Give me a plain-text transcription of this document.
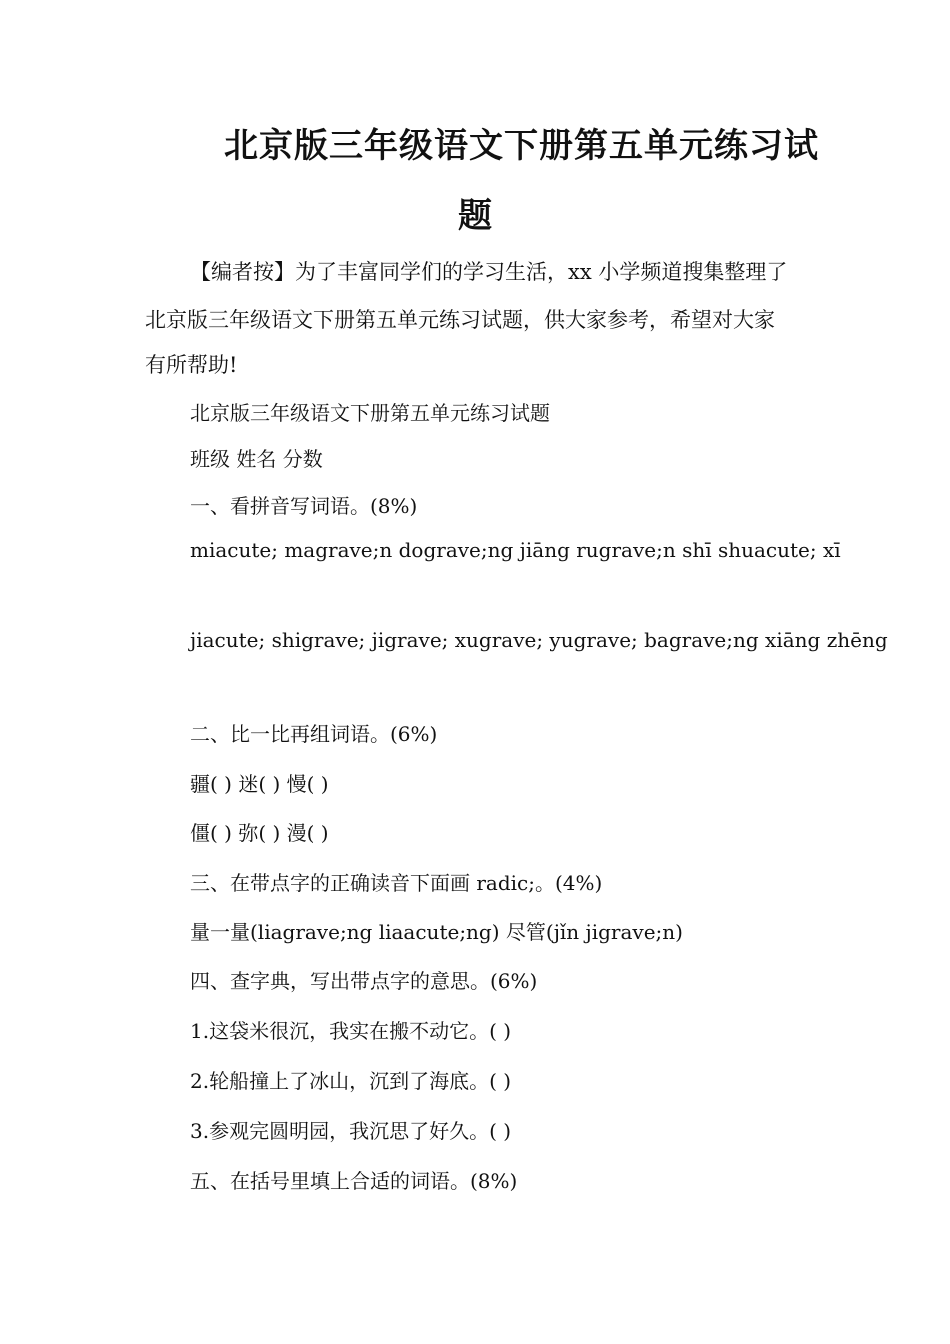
北京版三年级语文下册第五单元练习试
题
【编者按】为了丰富同学们的学习生活，xx 小学频道搜集整理了
北京版三年级语文下册第五单元练习试题，供大家参考，希望对大家
有所帮助!
北京版三年级语文下册第五单元练习试题
班级 姓名 分数
一、看拼音写词语。(8%)
miacute; magrave;n dograve;ng jiāng rugrave;n shī shuacute; xī
jiacute; shigrave; jigrave; xugrave; yugrave; bagrave;ng xiāng zhēng
二、比一比再组词语。(6%)
疆( ) 迷( ) 慢( )
僵( ) 弥( ) 漫( )
三、在带点字的正确读音下面画 radic;。(4%)
量一量(liagrave;ng liaacute;ng) 尽管(jǐn jigrave;n)
四、查字典，写出带点字的意思。(6%)
1.这袋米很沉，我实在搬不动它。( )
2.轮船撞上了冰山，沉到了海底。( )
3.参观完圆明园，我沉思了好久。( )
五、在括号里填上合适的词语。(8%)
